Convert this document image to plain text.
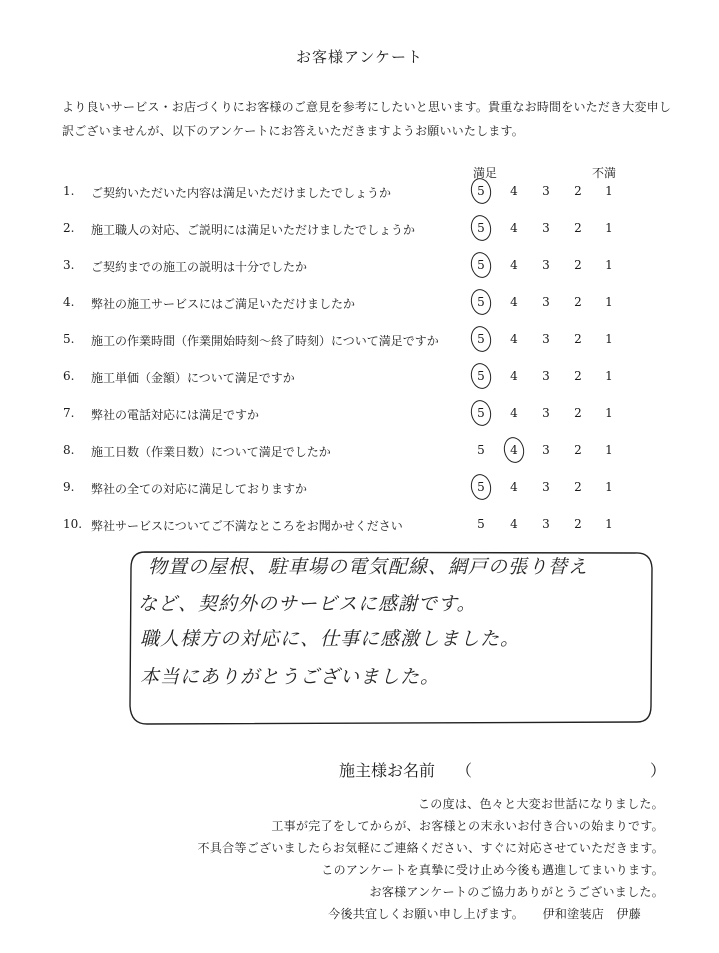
お客様アンケート
より良いサービス・お店づくりにお客様のご意見を参考にしたいと思います。貴重なお時間をいただき大変申し
訳ございませんが、以下のアンケートにお答えいただきますようお願いいたします。
満足	不満
1. ご契約いただいた内容は満足いただけましたでしょうか	5	4	3	2	1
2. 施工職人の対応、ご説明には満足いただけましたでしょうか	5	4	3	2	1
3. ご契約までの施工の説明は十分でしたか	5	4	3	2	1
4. 弊社の施工サービスにはご満足いただけましたか	5	4	3	2	1
5. 施工の作業時間（作業開始時刻〜終了時刻）について満足ですか	5	4	3	2	1
6. 施工単価（金額）について満足ですか	5	4	3	2	1
7. 弊社の電話対応には満足ですか	5	4	3	2	1
8. 施工日数（作業日数）について満足でしたか	5	4	3	2	1
9. 弊社の全ての対応に満足しておりますか	5	4	3	2	1
10. 弊社サービスについてご不満なところをお聞かせください	5	4	3	2	1
物置の屋根、駐車場の電気配線、網戸の張り替え
など、契約外のサービスに感謝です。
職人様方の対応に、仕事に感激しました。
本当にありがとうございました。
施主様お名前 （	）
この度は、色々と大変お世話になりました。
工事が完了をしてからが、お客様との末永いお付き合いの始まりです。
不具合等ございましたらお気軽にご連絡ください、すぐに対応させていただきます。
このアンケートを真摯に受け止め今後も邁進してまいります。
お客様アンケートのご協力ありがとうございました。
今後共宜しくお願い申し上げます。　　伊和塗装店　伊藤
